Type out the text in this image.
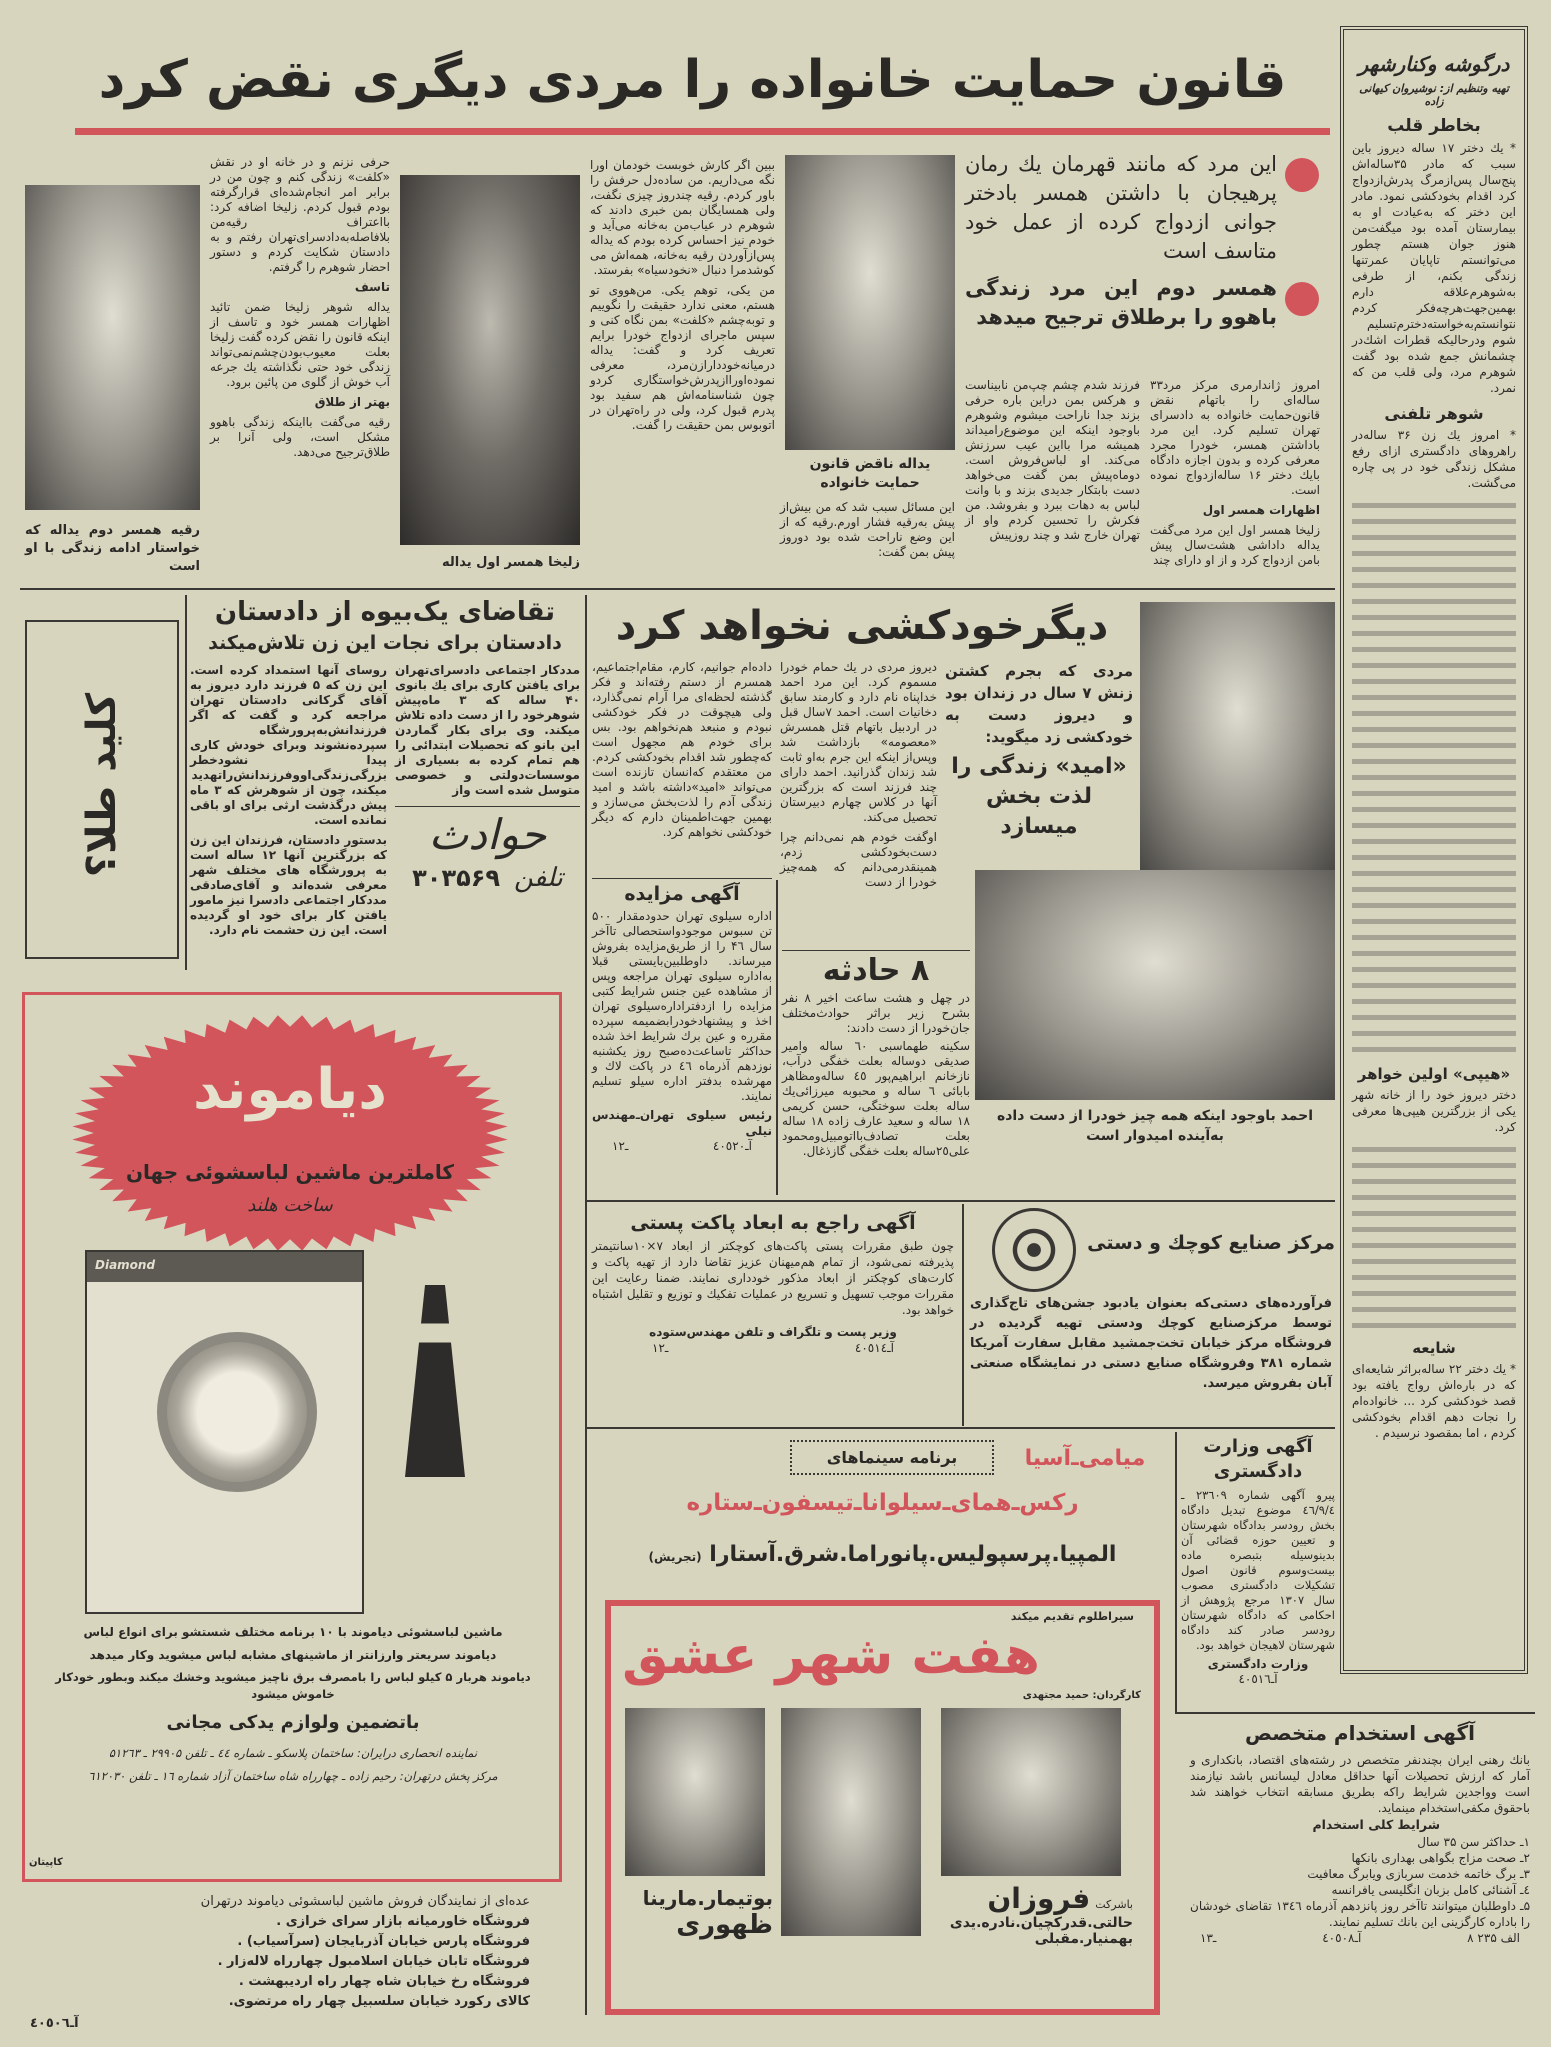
قانون حمایت خانواده را مردی دیگری نقض کرد	درگوشه وکنارشهر
تهیه وتنظیم از: نوشیروان کیهانی زاده
بخاطر قلب
* یك دختر ۱۷ ساله دیروز باین سبب که مادر ۳۵ساله‌اش پنج‌سال پس‌ازمرگ پدرش‌ازدواج کرد اقدام بخودکشی نمود. مادر این دختر که به‌عیادت او به بیمارستان آمده بود میگفت‌من هنوز جوان هستم چطور می‌توانستم تاپایان عمرتنها زندگی بکنم، از طرفی به‌شوهرم‌علاقه دارم بهمین‌جهت‌هرچه‌فکر کردم نتوانستم‌به‌خواسته‌دخترم‌تسلیم شوم ودرحالیکه قطرات اشك‌در چشمانش جمع شده بود گفت شوهرم مرد، ولی قلب من که نمرد.
شوهر تلفنی
* امروز یك زن ۳۶ ساله‌در راهروهای دادگستری ازای رفع مشکل زندگی خود در پی چاره می‌گشت.
«هیپی» اولین خواهر
دختر دیروز خود را از خانه‌ شهر یکی از بزرگترین هیپی‌ها معرفی کرد.
شایعه
* یك دختر ۲۲ ساله‌بر‌اثر شایعه‌ای که در باره‌اش رواج یافته بود قصد خودکشی کرد ... خانواده‌ام را نجات دهم اقدام بخودکشی کردم ، اما بمقصود نرسیدم .
این مرد که مانند قهرمان یك رمان پرهیجان با داشتن همسر بادختر جوانی ازدواج کرده از عمل خود متاسف است
همسر دوم این مرد زندگی باهوو را برطلاق ترجیح میدهد

امروز ژاندارمری مرکز مرد۳۳ ساله‌ای را باتهام نقض قانون‌حمایت خانواده به دادسرای تهران تسلیم کرد. این مرد باداشتن همسر، خودرا مجرد معرفی کرده و بدون اجازه دادگاه بایك دختر ۱۶ ساله‌ازدواج نموده است.

اظهارات همسر اول

زلیخا همسر اول این مرد می‌گفت یداله داداشی هشت‌سال پیش بامن ازدواج کرد و از او دارای چند

فرزند شدم چشم چپ‌من نابیناست و هرکس بمن دراین باره حرفی بزند جدا ناراحت میشوم وشوهرم باوجود اینکه این موضوع‌رامیداند همیشه مرا بااین عیب سرزنش می‌کند. او لباس‌فروش است. دوماه‌پیش بمن گفت می‌خواهد دست بابتکار جدیدی بزند و با وانت لباس به دهات ببرد و بفروشد. من فکرش را تحسین کردم واو از تهران خارج شد و چند روزپیش

یداله ناقض قانون حمایت خانواده

این مسائل سبب شد که من بیش‌از پیش به‌رقیه فشار اورم.رقیه که از این وضع ناراحت شده بود دوروز پیش بمن گفت:

ببین اگر کارش خوبست خودمان اورا نگه می‌داریم. من ساده‌دل حرفش را باور کردم. رقیه چندروز چیزی نگفت، ولی همسایگان بمن خبری دادند که شوهرم در عیاب‌من به‌خانه می‌آید و خودم نیز احساس کرده بودم که یداله پس‌ازآوردن رقیه به‌خانه، همه‌اش می کوشدمرا دنبال «نخودسیاه» بفرستد.

من یکی، توهم یکی. من‌هووی تو هستم، معنی ندارد حقیقت را نگوییم و توبه‌چشم «کلفت» بمن نگاه کنی و سپس ماجرای ازدواج خودرا برایم تعریف کرد و گفت: یداله درمیانه‌خوددارازن‌مرد، معرفی نموده‌اورا‌ازپدرش‌خواستگاری کردو چون شناسنامه‌اش هم سفید بود پدرم قبول کرد، ولی در راه‌تهران در اتوبوس بمن حقیقت را گفت.

زلیخا همسر اول یداله

حرفی نزنم و در خانه او در نقش «کلفت» زندگی کنم و چون من در برابر امر انجام‌شده‌ای قرارگرفته بودم قبول کردم. زلیخا اضافه کرد: بااعتراف رقیه‌من بلافاصله‌به‌دادسرای‌تهران رفتم و به دادستان شکایت کردم و دستور احضار شوهرم را گرفتم.

تاسف

یداله شوهر زلیخا ضمن تائید اظهارات همسر خود و تاسف از اینکه قانون را نقض کرده گفت زلیخا بعلت معیوب‌بودن‌چشم‌نمی‌تواند زندگی خود حتی نگذاشته یك جرعه آب خوش از گلوی من پائین برود.

بهتر از طلاق

رقیه می‌گفت بااینکه زندگی باهوو مشکل است، ولی آنرا بر طلاق‌ترجیح می‌دهد.

رقیه همسر دوم یداله که خواستار ادامه زندگی با او است
کلید طلا؟
تقاضای یک‌بیوه از دادستان
دادستان برای نجات این زن تلاش‌میکند
مددکار اجتماعی دادسرای‌تهران برای یافتن کاری برای یك بانوی ۴۰ ساله که ۳ ماه‌پیش شوهرخود را از دست داده تلاش میکند. وی برای بکار گماردن این بانو که تحصیلات ابتدائی را هم تمام کرده به بسیاری از موسسات‌دولتی و خصوصی متوسل شده است واز
حوادث
تلفن
۳۰۳۵۶۹

روسای آنها استمداد کرده است. این زن که ۵ فرزند دارد دیروز به آقای گرکانی دادستان تهران مراجعه کرد و گفت که اگر فرزندانش‌به‌پرورشگاه سپرده‌نشوند وبرای خودش کاری پیدا نشودخطر بزرگی‌زندگی‌اووفرزندانش‌راتهدید میکند، چون از شوهرش که ۳ ماه پیش درگذشت ارثی برای او باقی نمانده است.

بدستور دادستان، فرزندان این زن که بزرگترین آنها ۱۲ ساله است به پرورشگاه های مختلف شهر معرفی شده‌اند و آقای‌صادقی مددکار اجتماعی دادسرا نیز مامور یافتن کار برای خود او گردیده است. این زن حشمت نام دارد.

دیگرخودکشی نخواهد کرد
مردی که بجرم کشتن زنش ۷ سال در زندان بود و دیروز دست به خودکشی زد میگوید:
«امید» زندگی را لذت بخش میسازد

دیروز مردی در یك حمام خودرا مسموم کرد. این مرد احمد خداپناه نام دارد و کارمند سابق دخانیات است. احمد ۷سال قبل در اردبیل باتهام قتل همسرش «معصومه» بازداشت شد وپس‌از اینکه این جرم به‌او ثابت شد زندان گذرانید. احمد دارای چند فرزند است که بزرگترین آنها در کلاس چهارم دبیرستان تحصیل می‌کند.

اوگفت خودم هم نمی‌دانم چرا دست‌بخودکشی زدم، همینقدرمی‌دانم که همه‌چیز خودرا از دست

داده‌ام جوانیم، کارم، مقام‌اجتماعیم، همسرم از دستم رفته‌اند و فکر گذشته لحظه‌ای مرا آرام نمی‌گذارد، ولی هیچوقت در فکر خودکشی نبودم و منبعد هم‌نخواهم بود. بس برای خودم هم مجهول است که‌چطور شد اقدام بخودکشی کردم. من معتقدم که‌انسان تازنده است می‌تواند «امید»داشته باشد و امید زندگی آدم را لذت‌بخش می‌سازد و بهمین جهت‌اطمینان دارم که دیگر خودکشی نخواهم کرد.

احمد باوجود اینکه همه چیز خودرا از دست داده به‌آینده امیدوار است
آگهی مزایده
اداره سیلوی تهران حدودمقدار ۵۰۰ تن سبوس موجودواستحصالی تاآخر سال ۴٦ را از طریق‌مزایده بفروش میرساند. داوطلبین‌بایستی قبلا به‌اداره سیلوی تهران مراجعه وپس از مشاهده عین جنس شرایط کتبی مزایده را ازدفتراداره‌سیلوی تهران اخذ و پیشنهادخودرابضمیمه سپرده مقرره و عین برك شرایط اخذ شده حداکثر تاساعت‌ده‌صبح روز یکشنبه نوزدهم آذرماه ٤٦ در پاکت لاك و مهرشده بدفتر اداره سیلو تسلیم نمایند.
رئیس سیلوی تهران‌ـ‌مهندس نیلی
۱ـ۲	آـ٤٠٥٢٠
۸ حادثه
در چهل و هشت ساعت اخیر ۸ نفر بشرح زیر براثر حوادث‌مختلف جان‌خودرا از دست دادند:
سکینه طهماسبی ٦۰ ساله وامیر صدیقی دوساله بعلت خفگی درآب، نازخانم ابراهیم‌پور ٤٥ ساله‌ومظاهر بابائی ٦ ساله و محبوبه میرزائی‌یك ساله بعلت سوختگی، حسن کریمی ۱۸ ساله و سعید عارف زاده ۱۸ ساله بعلت تصادف‌بااتومبیل‌ومحمود علی۲٥ساله بعلت خفگی گازذغال.
آگهی راجع به ابعاد پاکت پستی
چون طبق مقررات پستی پاکت‌های کوچکتر از ابعاد ۷×۱۰سانتیمتر پذیرفته نمی‌شود، از تمام هم‌میهنان عزیز تقاضا دارد از تهیه پاکت و کارت‌های کوچکتر از ابعاد مذکور خودداری نمایند. ضمنا رعایت این مقررات موجب تسهیل و تسریع در عملیات تفکیك و توزیع و تقلیل اشتباه خواهد بود.
وزیر پست و تلگراف و تلفن مهندس‌ستوده
۱ـ۲	آـ٤٠٥١٤
مرکز صنایع کوچك و دستی
فرآورده‌های دستی‌که بعنوان یادبود جشن‌های تاج‌گذاری توسط مرکزصنایع کوچك ودستی تهیه گردیده در فروشگاه مرکز خیابان تخت‌جمشید مقابل سفارت آمریکا شماره ۳۸۱ وفروشگاه صنایع دستی در نمایشگاه صنعتی آبان بفروش میرسد.
برنامه سینماهای	میامی‌ـ‌آسیا
رکس‌ـ‌همای‌ـ‌سیلوانا‌ـ‌تیسفون‌ـ‌ستاره
المپیا.پرسپولیس.پانوراما.شرق.آستارا (تجریش)
سیراطلوم تقدیم میکند
هفت شهر عشق
کارگردان: حمید مجتهدی
باشرکت فروزان
حالتی.قدرکچیان.نادره.یدی
بهمنیار.مقبلی
بوتیمار.مارینا
ظهوری
آگهی وزارت دادگستری
پیرو آگهی شماره ۲۳٦۰۹ ـ ٤٦/۹/٤ موضوع تبدیل دادگاه بخش رودسر بدادگاه شهرستان و تعیین حوزه قضائی آن بدینوسیله بتبصره ماده بیست‌وسوم قانون اصول تشکیلات دادگستری مصوب سال ۱۳۰۷ مرجع پژوهش از احکامی که دادگاه شهرستان رودسر صادر کند دادگاه شهرستان لاهیجان خواهد بود.
وزارت دادگستری
آـ٤٠٥١٦
آگهی استخدام متخصص
بانك رهنی ایران بچندنفر متخصص در رشته‌های اقتصاد، بانکداری و آمار که ارزش تحصیلات آنها حداقل معادل لیسانس باشد نیازمند است وواجدین شرایط راکه بطریق مسابقه انتخاب خواهند شد باحقوق مکفی‌استخدام مینماید.
شرایط کلی استخدام
۱ـ حداکثر سن ۳۵ سال
۲ـ صحت مزاج بگواهی بهداری بانکها
۳ـ برگ خاتمه خدمت سربازی ویابرگ معافیت
٤ـ آشنائی کامل بزبان انگلیسی یافرانسه
۵ـ داوطلبان میتوانند تاآخر روز پانزدهم آذرماه ۱۳٤٦ تقاضای خودشان را باداره کارگزینی این بانك تسلیم نمایند.
۱ـ۳	آـ٤٠٥٠۸	الف ۲۳۵ ۸
دیاموند
کاملترین ماشین لباسشوئی جهان
ساخت هلند
Diamond
ماشین لباسشوئی دیاموند با ۱۰ برنامه‌ مختلف شستشو برای انواع لباس
دیاموند سریعتر وارزانتر از ماشینهای مشابه لباس میشوید وکار میدهد
دیاموند هربار ۵ کیلو لباس را بامصرف برق ناچیز میشوید وخشك میکند وبطور خودکار خاموش میشود
باتضمین ولوازم یدکی مجانی
نماینده انحصاری درایران: ساختمان پلاسکو ـ شماره ٤٤ ـ تلفن ۲۹۹۰۵ ـ ۵۱۲٦۳
مرکز پخش درتهران: رحیم زاده ـ چهارراه شاه ساختمان آزاد شماره ۱٦ ـ تلفن ٦۱۲۰۳۰
کاپیتان
عده‌ای از نمایندگان فروش ماشین لباسشوئی دیاموند درتهران
فروشگاه خاورمیانه بازار سرای خرازی .
فروشگاه پارس خیابان آذربایجان (سرآسیاب) .
فروشگاه تابان خیابان اسلامبول چهارراه لاله‌زار .
فروشگاه رخ خیابان شاه چهار راه اردیبهشت .
کالای رکورد خیابان سلسبیل چهار راه مرتضوی.
آـ٤٠٥٠٦
